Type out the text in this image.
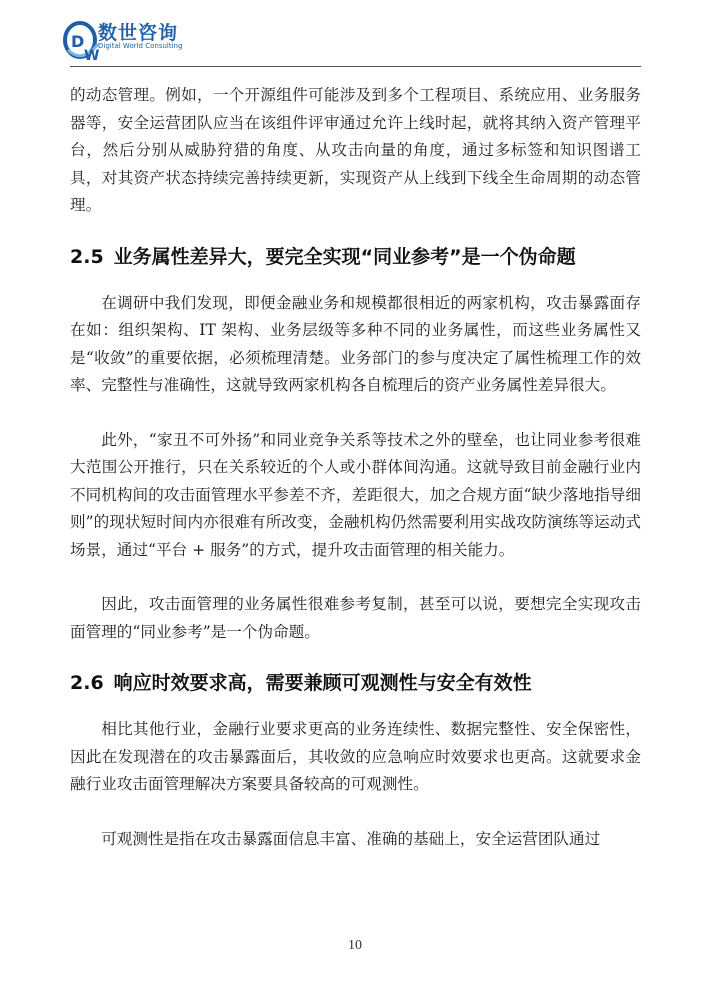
D
W
数世咨询
Digital World Consulting

的动态管理。例如，一个开源组件可能涉及到多个工程项目、系统应用、业务服务器等，安全运营团队应当在该组件评审通过允许上线时起，就将其纳入资产管理平台，然后分别从威胁狩猎的角度、从攻击向量的角度，通过多标签和知识图谱工具，对其资产状态持续完善持续更新，实现资产从上线到下线全生命周期的动态管理。

2.5 业务属性差异大，要完全实现“同业参考”是一个伪命题

在调研中我们发现，即便金融业务和规模都很相近的两家机构，攻击暴露面存在如：组织架构、IT 架构、业务层级等多种不同的业务属性，而这些业务属性又是“收敛”的重要依据，必须梳理清楚。业务部门的参与度决定了属性梳理工作的效率、完整性与准确性，这就导致两家机构各自梳理后的资产业务属性差异很大。

此外，“家丑不可外扬”和同业竞争关系等技术之外的壁垒，也让同业参考很难大范围公开推行，只在关系较近的个人或小群体间沟通。这就导致目前金融行业内不同机构间的攻击面管理水平参差不齐，差距很大，加之合规方面“缺少落地指导细则”的现状短时间内亦很难有所改变，金融机构仍然需要利用实战攻防演练等运动式场景，通过“平台 + 服务”的方式，提升攻击面管理的相关能力。

因此，攻击面管理的业务属性很难参考复制，甚至可以说，要想完全实现攻击面管理的“同业参考”是一个伪命题。

2.6 响应时效要求高，需要兼顾可观测性与安全有效性

相比其他行业，金融行业要求更高的业务连续性、数据完整性、安全保密性，因此在发现潜在的攻击暴露面后，其收敛的应急响应时效要求也更高。这就要求金融行业攻击面管理解决方案要具备较高的可观测性。

可观测性是指在攻击暴露面信息丰富、准确的基础上，安全运营团队通过

10
